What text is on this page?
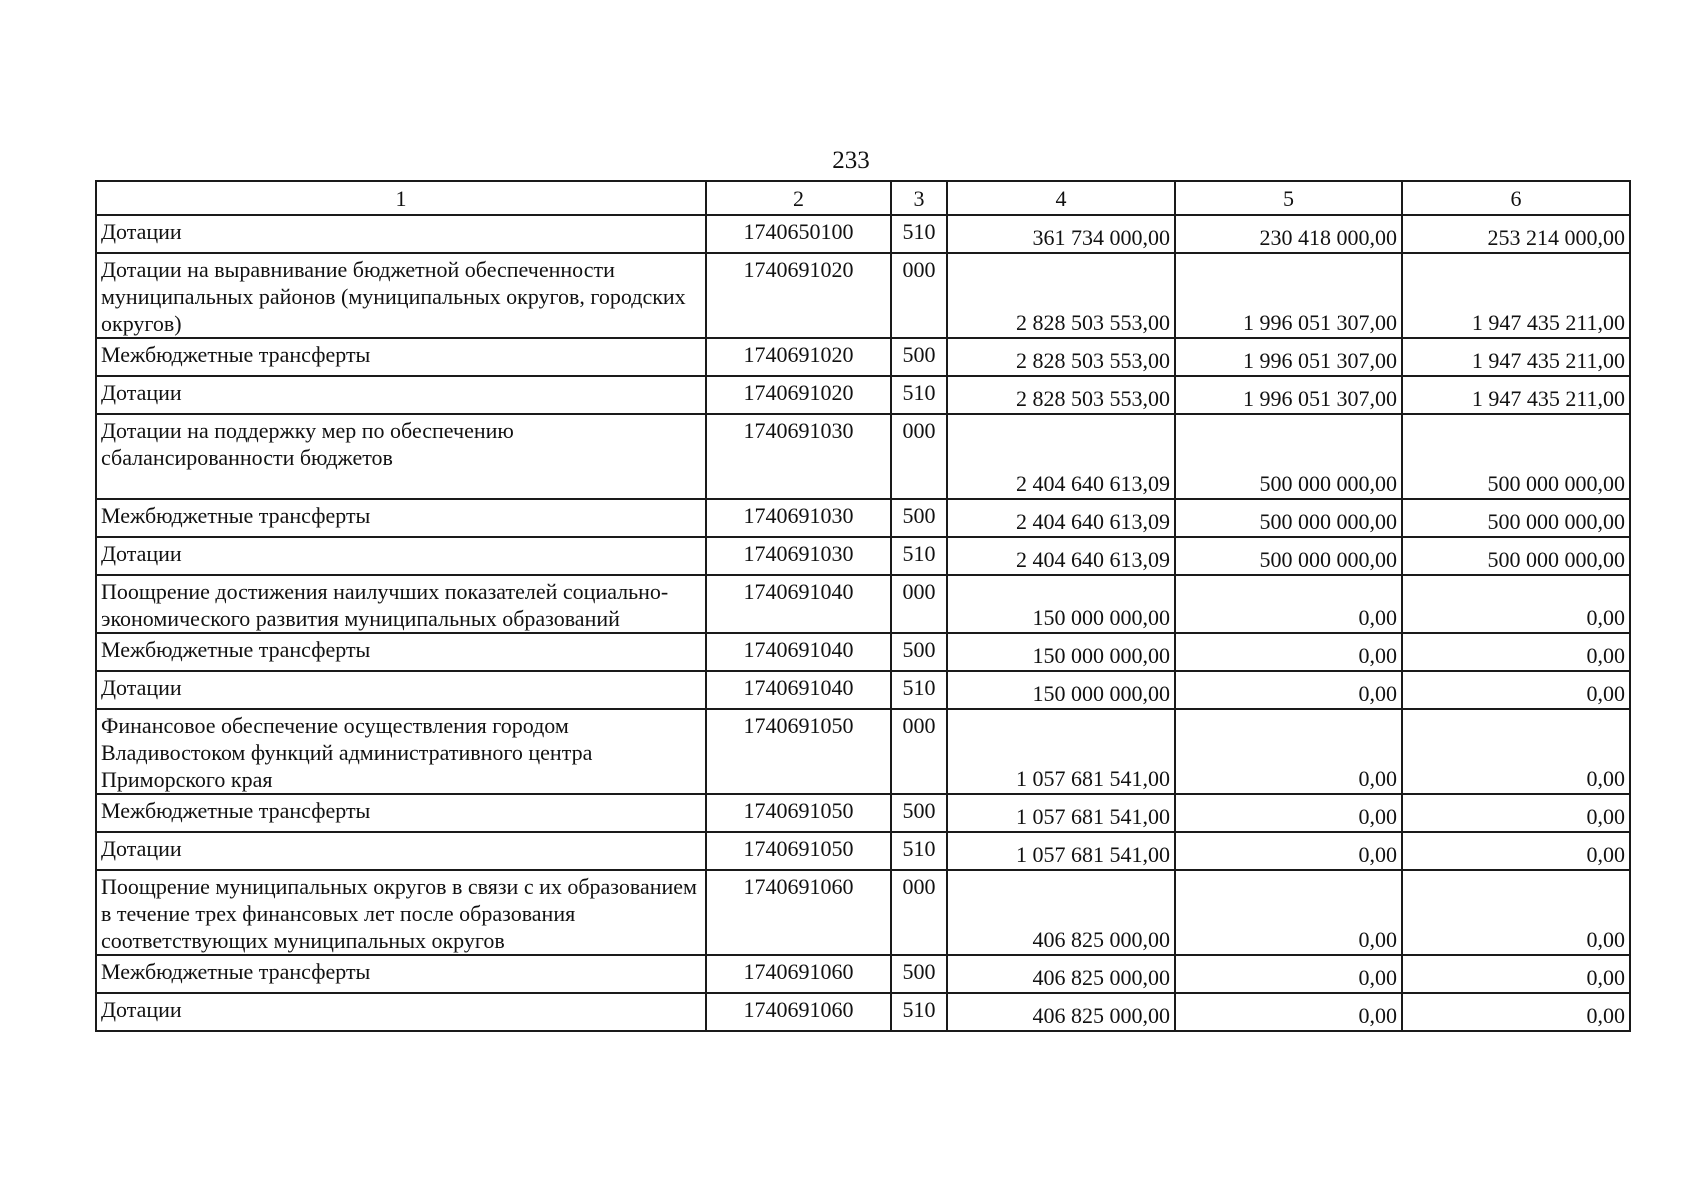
233
1	2	3	4	5	6
Дотации	1740650100	510	361 734 000,00	230 418 000,00	253 214 000,00
Дотации на выравнивание бюджетной обеспеченности муниципальных районов (муниципальных округов, городских округов)	1740691020	000	2 828 503 553,00	1 996 051 307,00	1 947 435 211,00
Межбюджетные трансферты	1740691020	500	2 828 503 553,00	1 996 051 307,00	1 947 435 211,00
Дотации	1740691020	510	2 828 503 553,00	1 996 051 307,00	1 947 435 211,00
Дотации на поддержку мер по обеспечению сбалансированности бюджетов	1740691030	000	2 404 640 613,09	500 000 000,00	500 000 000,00
Межбюджетные трансферты	1740691030	500	2 404 640 613,09	500 000 000,00	500 000 000,00
Дотации	1740691030	510	2 404 640 613,09	500 000 000,00	500 000 000,00
Поощрение достижения наилучших показателей социально-экономического развития муниципальных образований	1740691040	000	150 000 000,00	0,00	0,00
Межбюджетные трансферты	1740691040	500	150 000 000,00	0,00	0,00
Дотации	1740691040	510	150 000 000,00	0,00	0,00
Финансовое обеспечение осуществления городом Владивостоком функций административного центра Приморского края	1740691050	000	1 057 681 541,00	0,00	0,00
Межбюджетные трансферты	1740691050	500	1 057 681 541,00	0,00	0,00
Дотации	1740691050	510	1 057 681 541,00	0,00	0,00
Поощрение муниципальных округов в связи с их образованием в течение трех финансовых лет после образования соответствующих муниципальных округов	1740691060	000	406 825 000,00	0,00	0,00
Межбюджетные трансферты	1740691060	500	406 825 000,00	0,00	0,00
Дотации	1740691060	510	406 825 000,00	0,00	0,00
